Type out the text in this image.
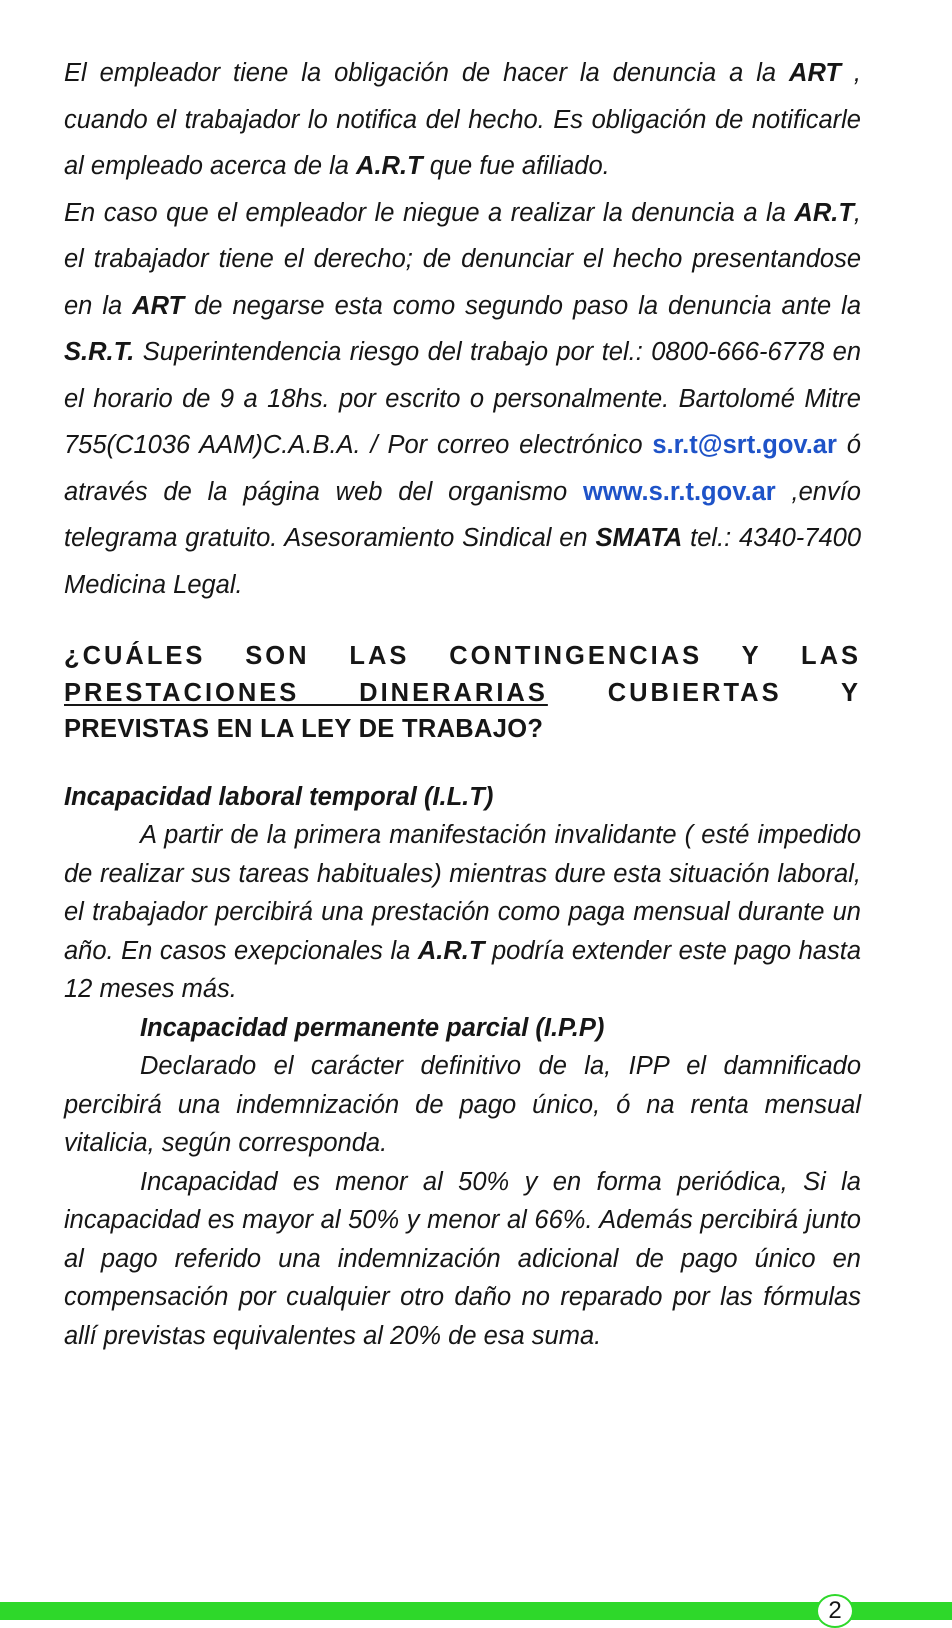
El empleador tiene la obligación de hacer la denuncia a la ART , cuando el trabajador lo notifica del hecho. Es obligación de notificarle al empleado acerca de la A.R.T que fue afiliado.

En caso que el empleador le niegue a realizar la denuncia a la AR.T, el trabajador tiene el derecho; de denunciar el hecho presentandose en la ART de negarse esta como segundo paso la denuncia ante la S.R.T. Superintendencia riesgo del trabajo por tel.: 0800-666-6778 en el horario de 9 a 18hs. por escrito o personalmente. Bartolomé Mitre 755(C1036 AAM)C.A.B.A. / Por correo electrónico s.r.t@srt.gov.ar ó através de la página web del organismo www.s.r.t.gov.ar ,envío telegrama gratuito. Asesoramiento Sindical en SMATA tel.: 4340-7400 Medicina Legal.

¿CUÁLES SON LAS CONTINGENCIAS Y LAS
PRESTACIONES DINERARIAS CUBIERTAS Y
PREVISTAS EN LA LEY DE TRABAJO?
Incapacidad laboral temporal (I.L.T)

A partir de la primera manifestación invalidante ( esté impedido de realizar sus tareas habituales) mientras dure esta situación laboral, el trabajador percibirá una prestación como paga mensual durante un año. En casos exepcionales la A.R.T podría extender este pago hasta 12 meses más.

Incapacidad permanente parcial (I.P.P)

Declarado el carácter definitivo de la, IPP el damnificado percibirá una indemnización de pago único, ó na renta mensual vitalicia, según corresponda.

Incapacidad es menor al 50% y en forma periódica, Si la incapacidad es mayor al 50% y menor al 66%. Además percibirá junto al pago referido una indemnización adicional de pago único en compensación por cualquier otro daño no reparado por las fórmulas allí previstas equivalentes al 20% de esa suma.

2
